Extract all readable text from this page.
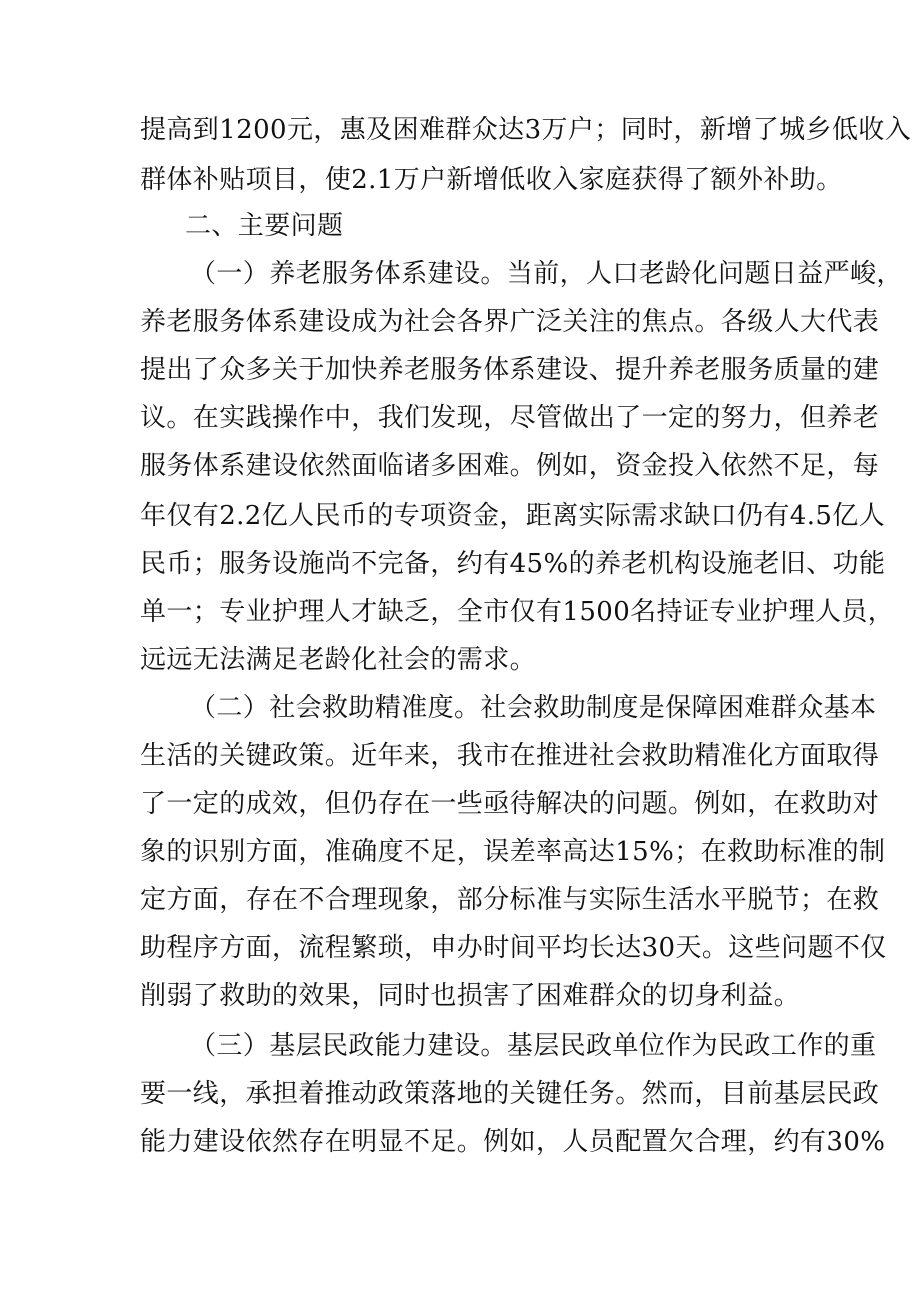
提高到1200元，惠及困难群众达3万户；同时，新增了城乡低收入
群体补贴项目，使2.1万户新增低收入家庭获得了额外补助。
二、主要问题
（一）养老服务体系建设。当前，人口老龄化问题日益严峻，
养老服务体系建设成为社会各界广泛关注的焦点。各级人大代表
提出了众多关于加快养老服务体系建设、提升养老服务质量的建
议。在实践操作中，我们发现，尽管做出了一定的努力，但养老
服务体系建设依然面临诸多困难。例如，资金投入依然不足，每
年仅有2.2亿人民币的专项资金，距离实际需求缺口仍有4.5亿人
民币；服务设施尚不完备，约有45%的养老机构设施老旧、功能
单一；专业护理人才缺乏，全市仅有1500名持证专业护理人员，
远远无法满足老龄化社会的需求。
（二）社会救助精准度。社会救助制度是保障困难群众基本
生活的关键政策。近年来，我市在推进社会救助精准化方面取得
了一定的成效，但仍存在一些亟待解决的问题。例如，在救助对
象的识别方面，准确度不足，误差率高达15%；在救助标准的制
定方面，存在不合理现象，部分标准与实际生活水平脱节；在救
助程序方面，流程繁琐，申办时间平均长达30天。这些问题不仅
削弱了救助的效果，同时也损害了困难群众的切身利益。
（三）基层民政能力建设。基层民政单位作为民政工作的重
要一线，承担着推动政策落地的关键任务。然而，目前基层民政
能力建设依然存在明显不足。例如，人员配置欠合理，约有30%
